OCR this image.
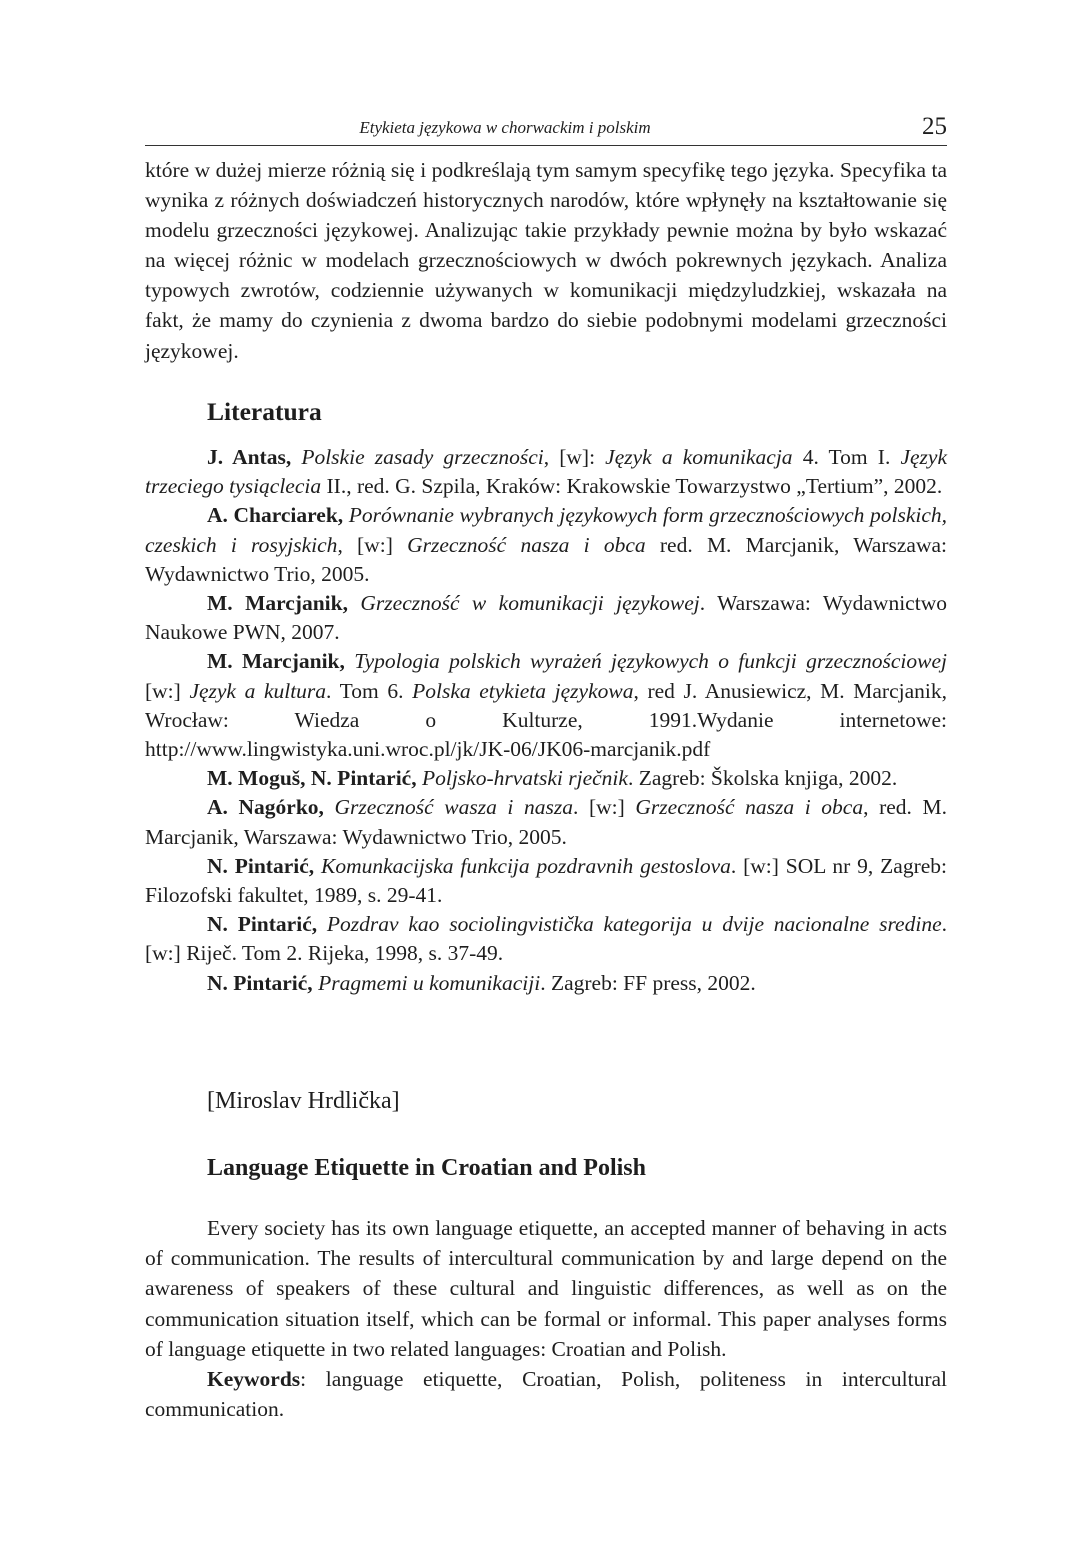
Etykieta językowa w chorwackim i polskim	25

które w dużej mierze różnią się i podkreślają tym samym specyfikę tego języka. Specyfika ta wynika z różnych doświadczeń historycznych narodów, które wpłynęły na kształtowanie się modelu grzeczności językowej. Analizując takie przykłady pewnie można by było wskazać na więcej różnic w modelach grzecznościowych w dwóch pokrewnych językach. Analiza typowych zwrotów, codziennie używanych w komunikacji międzyludzkiej, wskazała na fakt, że mamy do czynienia z dwoma bardzo do siebie podobnymi modelami grzeczności językowej.

Literatura

J. Antas, Polskie zasady grzeczności, [w]: Język a komunikacja 4. Tom I. Język trzeciego tysiąclecia II., red. G. Szpila, Kraków: Krakowskie Towarzystwo „Tertium”, 2002.

A. Charciarek, Porównanie wybranych językowych form grzecznościowych polskich, czeskich i rosyjskich, [w:] Grzeczność nasza i obca red. M. Marcjanik, Warszawa: Wydawnictwo Trio, 2005.

M. Marcjanik, Grzeczność w komunikacji językowej. Warszawa: Wydawnictwo Naukowe PWN, 2007.

M. Marcjanik, Typologia polskich wyrażeń językowych o funkcji grzecznościowej [w:] Język a kultura. Tom 6. Polska etykieta językowa, red J. Anusiewicz, M. Marcjanik, Wrocław: Wiedza o Kulturze, 1991.Wydanie internetowe: http://www.lingwistyka.uni.wroc.pl/jk/JK-06/JK06-marcjanik.pdf

M. Moguš, N. Pintarić, Poljsko-hrvatski rječnik. Zagreb: Školska knjiga, 2002.

A. Nagórko, Grzeczność wasza i nasza. [w:] Grzeczność nasza i obca, red. M. Marcjanik, Warszawa: Wydawnictwo Trio, 2005.

N. Pintarić, Komunkacijska funkcija pozdravnih gestoslova. [w:] SOL nr 9, Zagreb: Filozofski fakultet, 1989, s. 29-41.

N. Pintarić, Pozdrav kao sociolingvistička kategorija u dvije nacionalne sredine. [w:] Riječ. Tom 2. Rijeka, 1998, s. 37-49.

N. Pintarić, Pragmemi u komunikaciji. Zagreb: FF press, 2002.

[Miroslav Hrdlička]
Language Etiquette in Croatian and Polish

Every society has its own language etiquette, an accepted manner of behaving in acts of communication. The results of intercultural communication by and large depend on the awareness of speakers of these cultural and linguistic differences, as well as on the communication situation itself, which can be formal or informal. This paper analyses forms of language etiquette in two related languages: Croatian and Polish.

Keywords: language etiquette, Croatian, Polish, politeness in intercultural communication.
